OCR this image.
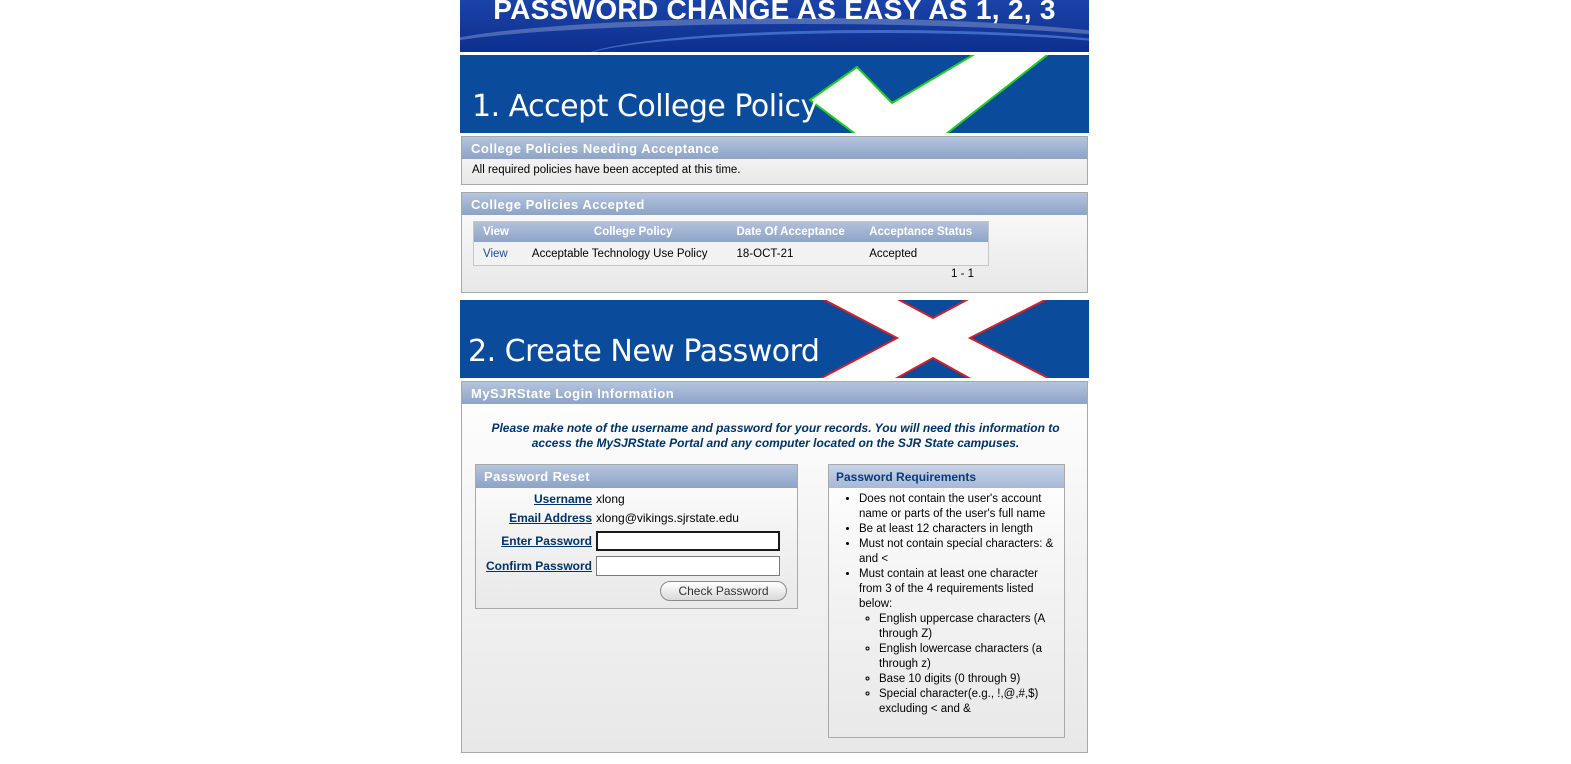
PASSWORD CHANGE AS EASY AS 1, 2, 3
1. Accept College Policy
College Policies Needing Acceptance
All required policies have been accepted at this time.
College Policies Accepted
View	College Policy	Date Of Acceptance	Acceptance Status
View	Acceptable Technology Use Policy	18-OCT-21	Accepted
1 - 1
2. Create New Password
MySJRState Login Information
Please make note of the username and password for your records. You will need this information to
access the MySJRState Portal and any computer located on the SJR State campuses.
Password Reset
Username xlong
Email Address xlong@vikings.sjrstate.edu
Enter Password
Confirm Password
Check Password
Password Requirements
• Does not contain the user's account name or parts of the user's full name
• Be at least 12 characters in length
• Must not contain special characters: & and <
• Must contain at least one character from 3 of the 4 requirements listed below:
◦ English uppercase characters (A through Z)
◦ English lowercase characters (a through z)
◦ Base 10 digits (0 through 9)
◦ Special character(e.g., !,@,#,$) excluding < and &
